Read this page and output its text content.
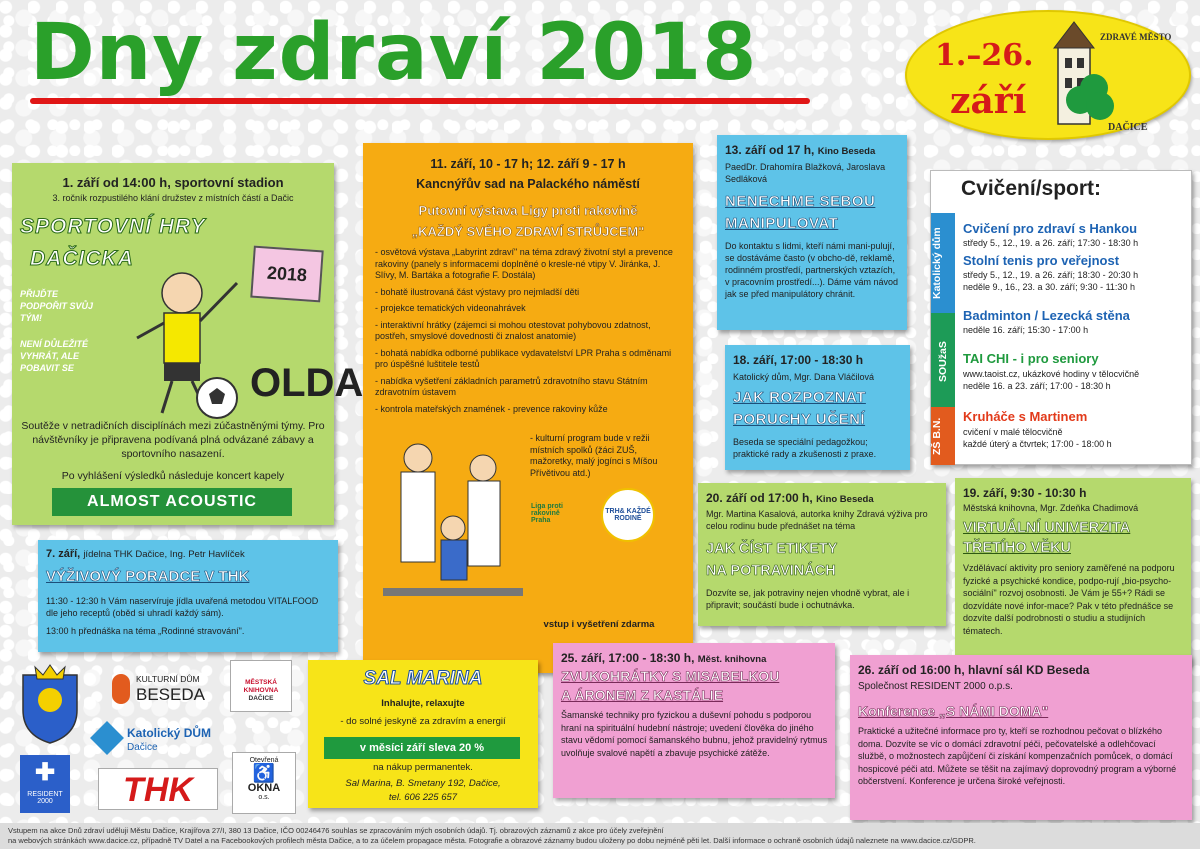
Dny zdraví 2018	1.–26.
září
ZDRAVÉ MĚSTO
DAČICE
1. září od 14:00 h, sportovní stadion
3. ročník rozpustilého klání družstev z místních částí a Dačic
SPORTOVNÍ HRY
DAČICKA
PŘIJĎTE PODPOŘIT SVŮJ TÝM!
NENÍ DŮLEŽITÉ VYHRÁT, ALE POBAVIT SE
2018
OLDA
Soutěže v netradičních disciplínách mezi zúčastněnými týmy. Pro návštěvníky je připravena podívaná plná odvázané zábavy a sportovního nasazení.
Po vyhlášení výsledků následuje koncert kapely
ALMOST ACOUSTIC
11. září, 10 - 17 h; 12. září 9 - 17 h
Kancnýřův sad na Palackého náměstí
Putovní výstava Ligy proti rakovině
„KAŽDÝ SVÉHO ZDRAVÍ STRŮJCEM"
- osvětová výstava „Labyrint zdraví" na téma zdravý životní styl a prevence rakoviny (panely s informacemi doplněné o kresle-né vtipy V. Jiránka, J. Slívy, M. Bartáka a fotografie F. Dostála)
- bohatě ilustrovaná část výstavy pro nejmladší děti
- projekce tematických videonahrávek
- interaktivní hrátky (zájemci si mohou otestovat pohybovou zdatnost, postřeh, smyslové dovednosti či znalost anatomie)
- bohatá nabídka odborné publikace vydavatelství LPR Praha s odměnami pro úspěšné luštitele testů
- nabídka vyšetření základních parametrů zdravotního stavu Státním zdravotním ústavem
- kontrola mateřských znamének - prevence rakoviny kůže
- kulturní program bude v režii místních spolků (žáci ZUŠ, mažoretky, malý jogínci s Míšou Přívětivou atd.)
Liga proti rakovině Praha
TRH& KAŽDÉ RODINĚ
vstup i vyšetření zdarma
13. září od 17 h, Kino Beseda
PaedDr. Drahomíra Blažková, Jaroslava Sedláková
NENECHME SEBOU
MANIPULOVAT
Do kontaktu s lidmi, kteří námi mani-pulují, se dostáváme často (v obcho-dě, reklamě, rodinném prostředí, partnerských vztazích, v pracovním prostředí...). Dáme vám návod jak se před manipulátory chránit.
18. září, 17:00 - 18:30 h
Katolický dům, Mgr. Dana Vláčilová
JAK ROZPOZNAT
PORUCHY UČENÍ
Beseda se speciální pedagožkou; praktické rady a zkušenosti z praxe.
Cvičení/sport:
Katolický dům
SOUžaS
ZŠ B.N.
Cvičení pro zdraví s Hankou
středy 5., 12., 19. a 26. září; 17:30 - 18:30 h
Stolní tenis pro veřejnost
středy 5., 12., 19. a 26. září; 18:30 - 20:30 h
neděle 9., 16., 23. a 30. září; 9:30 - 11:30 h
Badminton / Lezecká stěna
neděle 16. září; 15:30 - 17:00 h
TAI CHI - i pro seniory
www.taoist.cz, ukázkové hodiny v tělocvičně
neděle 16. a 23. září; 17:00 - 18:30 h
Kruháče s Martinem
cvičení v malé tělocvičně
každé úterý a čtvrtek; 17:00 - 18:00 h
7. září, jídelna THK Dačice, Ing. Petr Havlíček
VÝŽIVOVÝ PORADCE V THK
11:30 - 12:30 h Vám naservíruje jídla uvařená metodou VITALFOOD dle jeho receptů (oběd si uhradí každý sám).
13:00 h přednáška na téma „Rodinné stravování".
20. září od 17:00 h, Kino Beseda
Mgr. Martina Kasalová, autorka knihy Zdravá výživa pro celou rodinu bude přednášet na téma
JAK ČÍST ETIKETY
NA POTRAVINÁCH
Dozvíte se, jak potraviny nejen vhodně vybrat, ale i připravit; součástí bude i ochutnávka.
19. září, 9:30 - 10:30 h
Městská knihovna, Mgr. Zdeňka Chadimová
VIRTUÁLNÍ UNIVERZITA
TŘETÍHO VĚKU
Vzdělávací aktivity pro seniory zaměřené na podporu fyzické a psychické kondice, podpo-rují „bio-psycho-sociální" rozvoj osobnosti. Je Vám je 55+? Rádi se dozvídáte nové infor-mace? Pak v této přednášce se dozvíte další podrobnosti o studiu a studijních tématech.
SAL MARINA
Inhalujte, relaxujte
- do solné jeskyně za zdravím a energií
v měsíci září sleva 20 %
na nákup permanentek.
Sal Marina, B. Smetany 192, Dačice,
tel. 606 225 657
25. září, 17:00 - 18:30 h, Měst. knihovna
ZVUKOHRÁTKY S MISABELKOU
A ÁRONEM Z KASTÁLIE
Šamanské techniky pro fyzickou a duševní pohodu s podporou hraní na spirituální hudební nástroje; uvedení člověka do jiného stavu vědomí pomocí šamanského bubnu, jehož pravidelný rytmus uvolňuje svalové napětí a zbavuje psychické zátěže.
26. září od 16:00 h, hlavní sál KD Beseda
Společnost RESIDENT 2000 o.p.s.
Konference „S NÁMI DOMA"
Praktické a užitečné informace pro ty, kteří se rozhodnou pečovat o blízkého doma. Dozvíte se víc o domácí zdravotní péči, pečovatelské a odlehčovací službě, o možnostech zapůjčení či získání kompenzačních pomůcek, o domácí hospicové péči atd. Můžete se těšit na zajímavý doprovodný program a výborné občerstvení. Konference je určena široké veřejnosti.
KULTURNÍ DŮM
BESEDA
MĚSTSKÁ
KNIHOVNA
DAČICE
Katolický DŮM
Dačice
✚
RESIDENT 2000	THK
Otevřená
♿
OKNA
o.s.
Vstupem na akce Dnů zdraví uděluji Městu Dačice, Krajířova 27/I, 380 13 Dačice, IČO 00246476 souhlas se zpracováním mých osobních údajů. Tj. obrazových záznamů z akce pro účely zveřejnění
na webových stránkách www.dacice.cz, případně TV Datel a na Facebookových profilech města Dačice, a to za účelem propagace města. Fotografie a obrazové záznamy budou uloženy po dobu nejméně pěti let. Další informace o ochraně osobních údajů naleznete na www.dacice.cz/GDPR.
